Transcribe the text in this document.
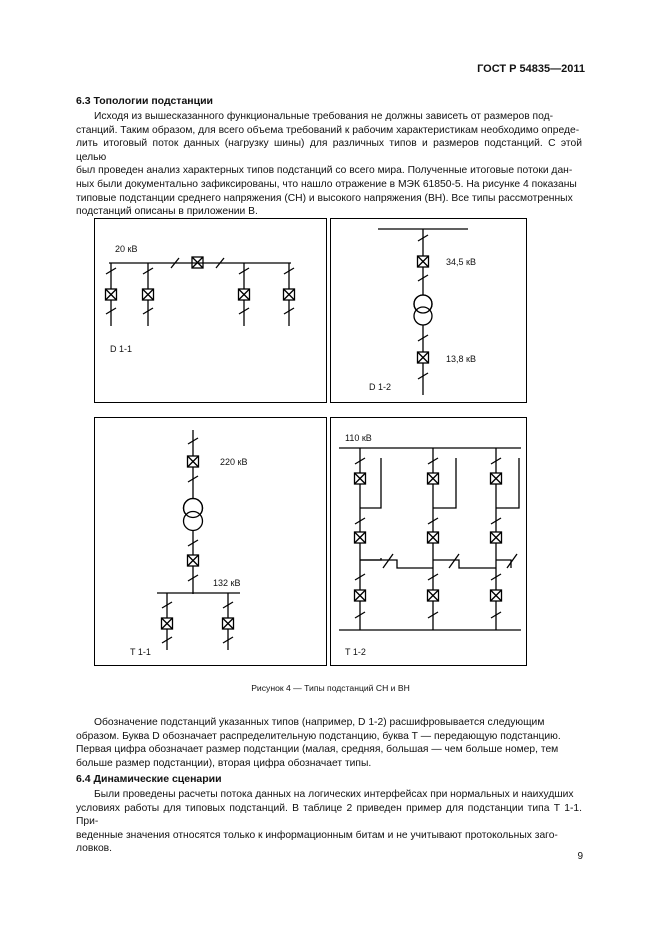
ГОСТ Р 54835—2011
6.3 Топологии подстанции
Исходя из вышесказанного функциональные требования не должны зависеть от размеров под-
станций. Таким образом, для всего объема требований к рабочим характеристикам необходимо опреде-
лить итоговый поток данных (нагрузку шины) для различных типов и размеров подстанций. С этой целью
был проведен анализ характерных типов подстанций со всего мира. Полученные итоговые потоки дан-
ных были документально зафиксированы, что нашло отражение в МЭК 61850-5. На рисунке 4 показаны
типовые подстанции среднего напряжения (СН) и высокого напряжения (ВН). Все типы рассмотренных
подстанций описаны в приложении В.
20 кВ
D 1-1
34,5 кВ
13,8 кВ
D 1-2
220 кВ
132 кВ
T 1-1
110 кВ
T 1-2
Рисунок 4 — Типы подстанций СН и ВН
Обозначение подстанций указанных типов (например, D 1-2) расшифровывается следующим
образом. Буква D обозначает распределительную подстанцию, буква Т — передающую подстанцию.
Первая цифра обозначает размер подстанции (малая, средняя, большая — чем больше номер, тем
больше размер подстанции), вторая цифра обозначает типы.
6.4 Динамические сценарии
Были проведены расчеты потока данных на логических интерфейсах при нормальных и наихудших
условиях работы для типовых подстанций. В таблице 2 приведен пример для подстанции типа Т 1-1. При-
веденные значения относятся только к информационным битам и не учитывают протокольных заго-
ловков.
9
